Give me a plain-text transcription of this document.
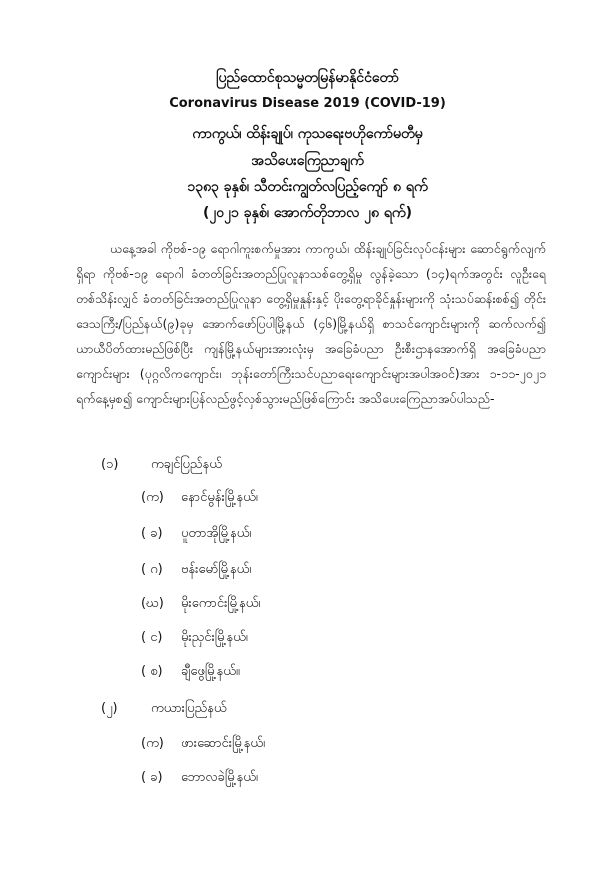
ပြည်ထောင်စုသမ္မတမြန်မာနိုင်ငံတော်
Coronavirus Disease 2019 (COVID-19)
ကာကွယ်၊ ထိန်းချုပ်၊ ကုသရေးဗဟိုကော်မတီမှ
အသိပေးကြေညာချက်
၁၃၈၃ ခုနှစ်၊ သီတင်းကျွတ်လပြည့်ကျော် ၈ ရက်
(၂၀၂၁ ခုနှစ်၊ အောက်တိုဘာလ ၂၈ ရက်)
ယနေ့အခါ ကိုဗစ်-၁၉ ရောဂါကူးစက်မှုအား ကာကွယ်၊ ထိန်းချုပ်ခြင်းလုပ်ငန်းများ ဆောင်ရွက်လျက်ရှိရာ ကိုဗစ်-၁၉ ရောဂါ ခံတတ်ခြင်းအတည်ပြုလူနာသစ်တွေ့ရှိမှု လွန်ခဲ့သော (၁၄)ရက်အတွင်း လူဦးရေ တစ်သိန်းလျှင် ခံတတ်ခြင်းအတည်ပြုလူနာ တွေ့ရှိမှုနှုန်းနှင့် ပိုးတွေ့ရာခိုင်နှုန်းများကို သုံးသပ်ဆန်းစစ်၍ တိုင်းဒေသကြီး/ပြည်နယ်(၉)ခုမှ အောက်ဖော်ပြပါမြို့နယ် (၄၆)မြို့နယ်ရှိ စာသင်ကျောင်းများကို ဆက်လက်၍ ယာယီပိတ်ထားမည်ဖြစ်ပြီး ကျန်မြို့နယ်များအားလုံးမှ အခြေခံပညာ ဦးစီးဌာနအောက်ရှိ အခြေခံပညာကျောင်းများ (ပုဂ္ဂလိကကျောင်း၊ ဘုန်းတော်ကြီးသင်ပညာရေးကျောင်းများအပါအဝင်)အား ၁-၁၁-၂၀၂၁ ရက်နေ့မှစ၍ ကျောင်းများပြန်လည်ဖွင့်လှစ်သွားမည်ဖြစ်ကြောင်း အသိပေးကြေညာအပ်ပါသည်-
(၁)	ကချင်ပြည်နယ်
(က) နောင်မွန်းမြို့နယ်၊
( ခ) ပူတာအိုမြို့နယ်၊
( ဂ) ဗန်းမော်မြို့နယ်၊
(ဃ) မိုးကောင်းမြို့နယ်၊
( င) မိုးညှင်းမြို့နယ်၊
( စ) ချီဖွေမြို့နယ်။
(၂)	ကယားပြည်နယ်
(က) ဖားဆောင်းမြို့နယ်၊
( ခ) ဘောလခဲမြို့နယ်၊
